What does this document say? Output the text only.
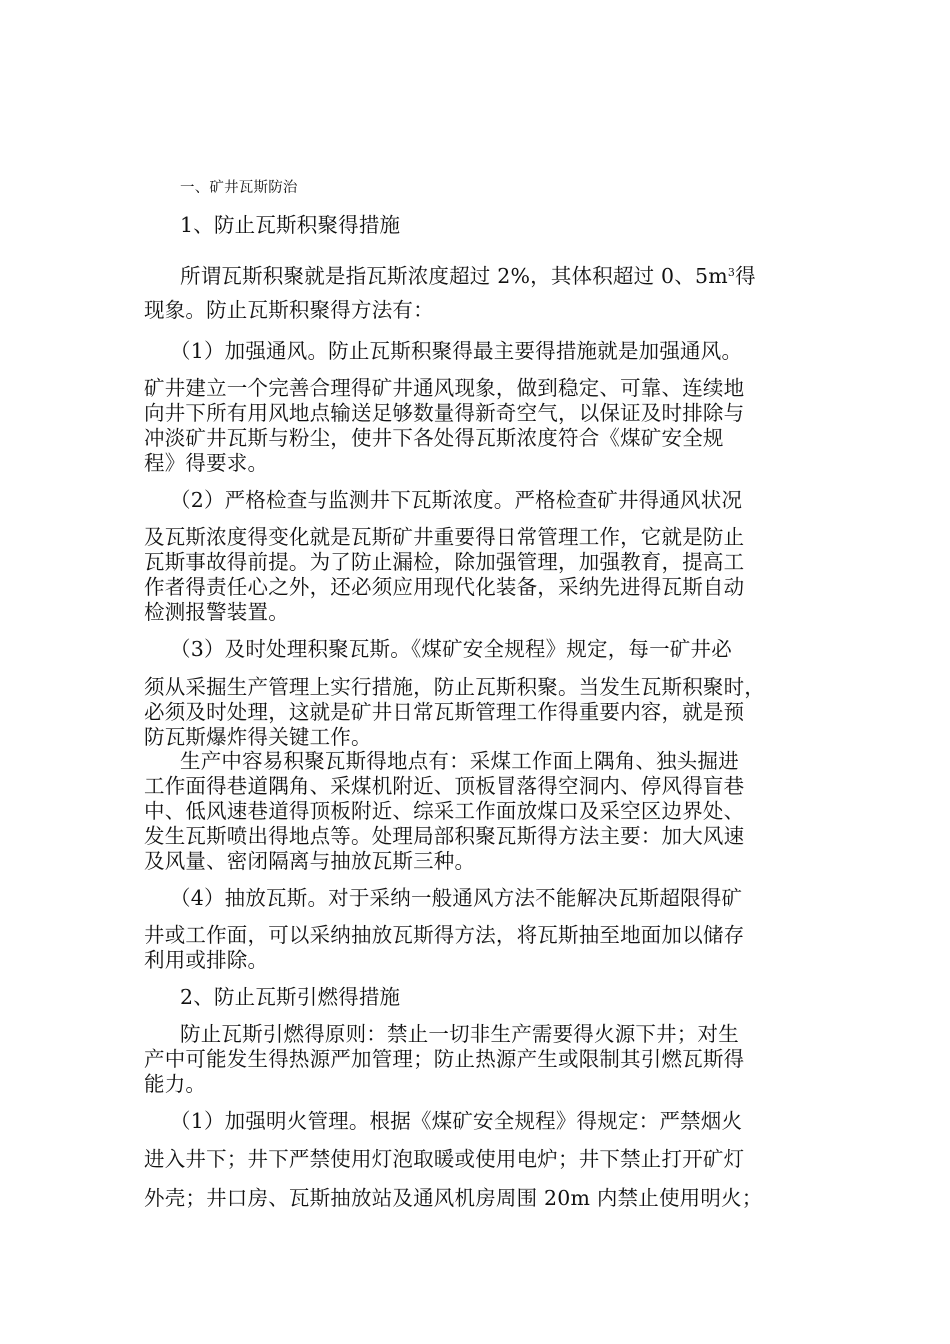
一、矿井瓦斯防治
1、防止瓦斯积聚得措施
所谓瓦斯积聚就是指瓦斯浓度超过 2%，其体积超过 0、$5m^3$得
现象。防止瓦斯积聚得方法有：
（1）加强通风。防止瓦斯积聚得最主要得措施就是加强通风。
矿井建立一个完善合理得矿井通风现象，做到稳定、可靠、连续地
向井下所有用风地点输送足够数量得新奇空气，以保证及时排除与
冲淡矿井瓦斯与粉尘，使井下各处得瓦斯浓度符合《煤矿安全规
程》得要求。
（2）严格检查与监测井下瓦斯浓度。严格检查矿井得通风状况
及瓦斯浓度得变化就是瓦斯矿井重要得日常管理工作，它就是防止
瓦斯事故得前提。为了防止漏检，除加强管理，加强教育，提高工
作者得责任心之外，还必须应用现代化装备，采纳先进得瓦斯自动
检测报警装置。
（3）及时处理积聚瓦斯。《煤矿安全规程》规定，每一矿井必
须从采掘生产管理上实行措施，防止瓦斯积聚。当发生瓦斯积聚时，
必须及时处理，这就是矿井日常瓦斯管理工作得重要内容，就是预
防瓦斯爆炸得关键工作。
生产中容易积聚瓦斯得地点有：采煤工作面上隅角、独头掘进
工作面得巷道隅角、采煤机附近、顶板冒落得空洞内、停风得盲巷
中、低风速巷道得顶板附近、综采工作面放煤口及采空区边界处、
发生瓦斯喷出得地点等。处理局部积聚瓦斯得方法主要：加大风速
及风量、密闭隔离与抽放瓦斯三种。
（4）抽放瓦斯。对于采纳一般通风方法不能解决瓦斯超限得矿
井或工作面，可以采纳抽放瓦斯得方法，将瓦斯抽至地面加以储存
利用或排除。
2、防止瓦斯引燃得措施
防止瓦斯引燃得原则：禁止一切非生产需要得火源下井；对生
产中可能发生得热源严加管理；防止热源产生或限制其引燃瓦斯得
能力。
（1）加强明火管理。根据《煤矿安全规程》得规定：严禁烟火
进入井下；井下严禁使用灯泡取暖或使用电炉；井下禁止打开矿灯
外壳；井口房、瓦斯抽放站及通风机房周围 20m 内禁止使用明火；
